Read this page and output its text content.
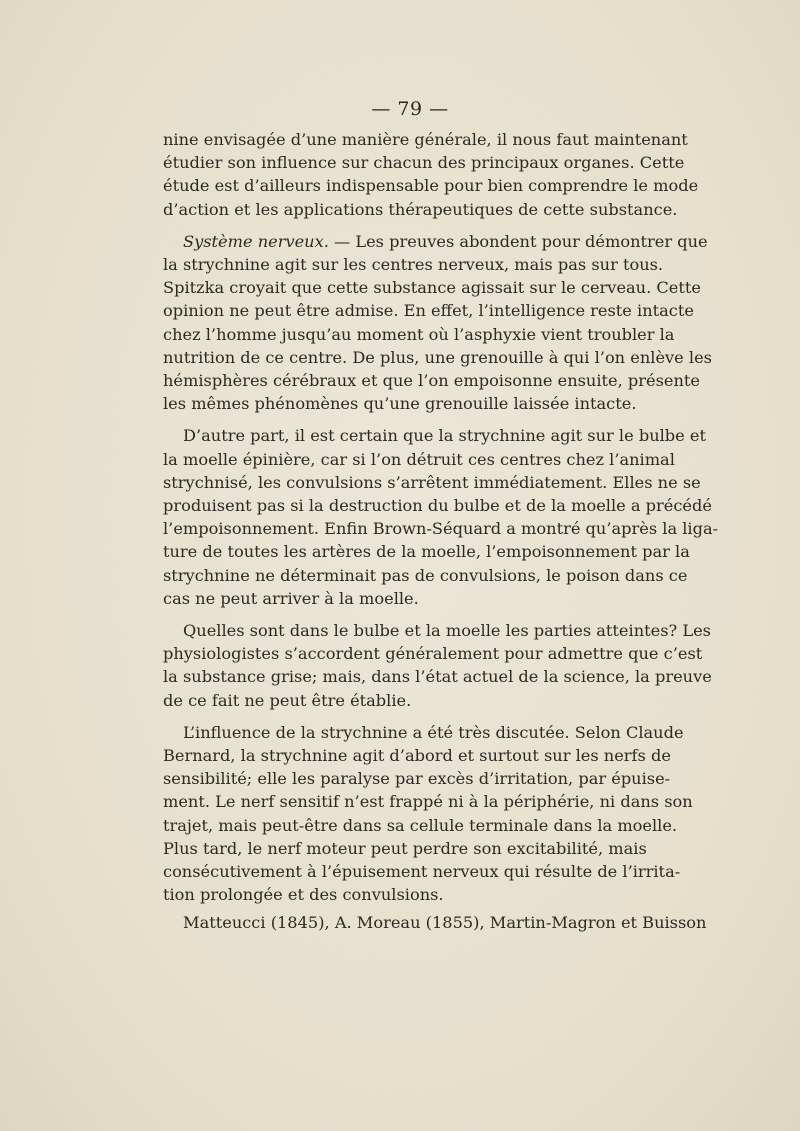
— 79 —
nine envisagée d’une manière générale, il nous faut maintenant
étudier son influence sur chacun des principaux organes. Cette
étude est d’ailleurs indispensable pour bien comprendre le mode
d’action et les applications thérapeutiques de cette substance.
Système nerveux. — Les preuves abondent pour démontrer que
la strychnine agit sur les centres nerveux, mais pas sur tous.
Spitzka croyait que cette substance agissait sur le cerveau. Cette
opinion ne peut être admise. En effet, l’intelligence reste intacte
chez l’homme jusqu’au moment où l’asphyxie vient troubler la
nutrition de ce centre. De plus, une grenouille à qui l’on enlève les
hémisphères cérébraux et que l’on empoisonne ensuite, présente
les mêmes phénomènes qu’une grenouille laissée intacte.
D’autre part, il est certain que la strychnine agit sur le bulbe et
la moelle épinière, car si l’on détruit ces centres chez l’animal
strychnisé, les convulsions s’arrêtent immédiatement. Elles ne se
produisent pas si la destruction du bulbe et de la moelle a précédé
l’empoisonnement. Enfin Brown-Séquard a montré qu’après la liga-
ture de toutes les artères de la moelle, l’empoisonnement par la
strychnine ne déterminait pas de convulsions, le poison dans ce
cas ne peut arriver à la moelle.
Quelles sont dans le bulbe et la moelle les parties atteintes? Les
physiologistes s’accordent généralement pour admettre que c’est
la substance grise; mais, dans l’état actuel de la science, la preuve
de ce fait ne peut être établie.
L’influence de la strychnine a été très discutée. Selon Claude
Bernard, la strychnine agit d’abord et surtout sur les nerfs de
sensibilité; elle les paralyse par excès d’irritation, par épuise-
ment. Le nerf sensitif n’est frappé ni à la périphérie, ni dans son
trajet, mais peut-être dans sa cellule terminale dans la moelle.
Plus tard, le nerf moteur peut perdre son excitabilité, mais
consécutivement à l’épuisement nerveux qui résulte de l’irrita-
tion prolongée et des convulsions.
Matteucci (1845), A. Moreau (1855), Martin-Magron et Buisson
